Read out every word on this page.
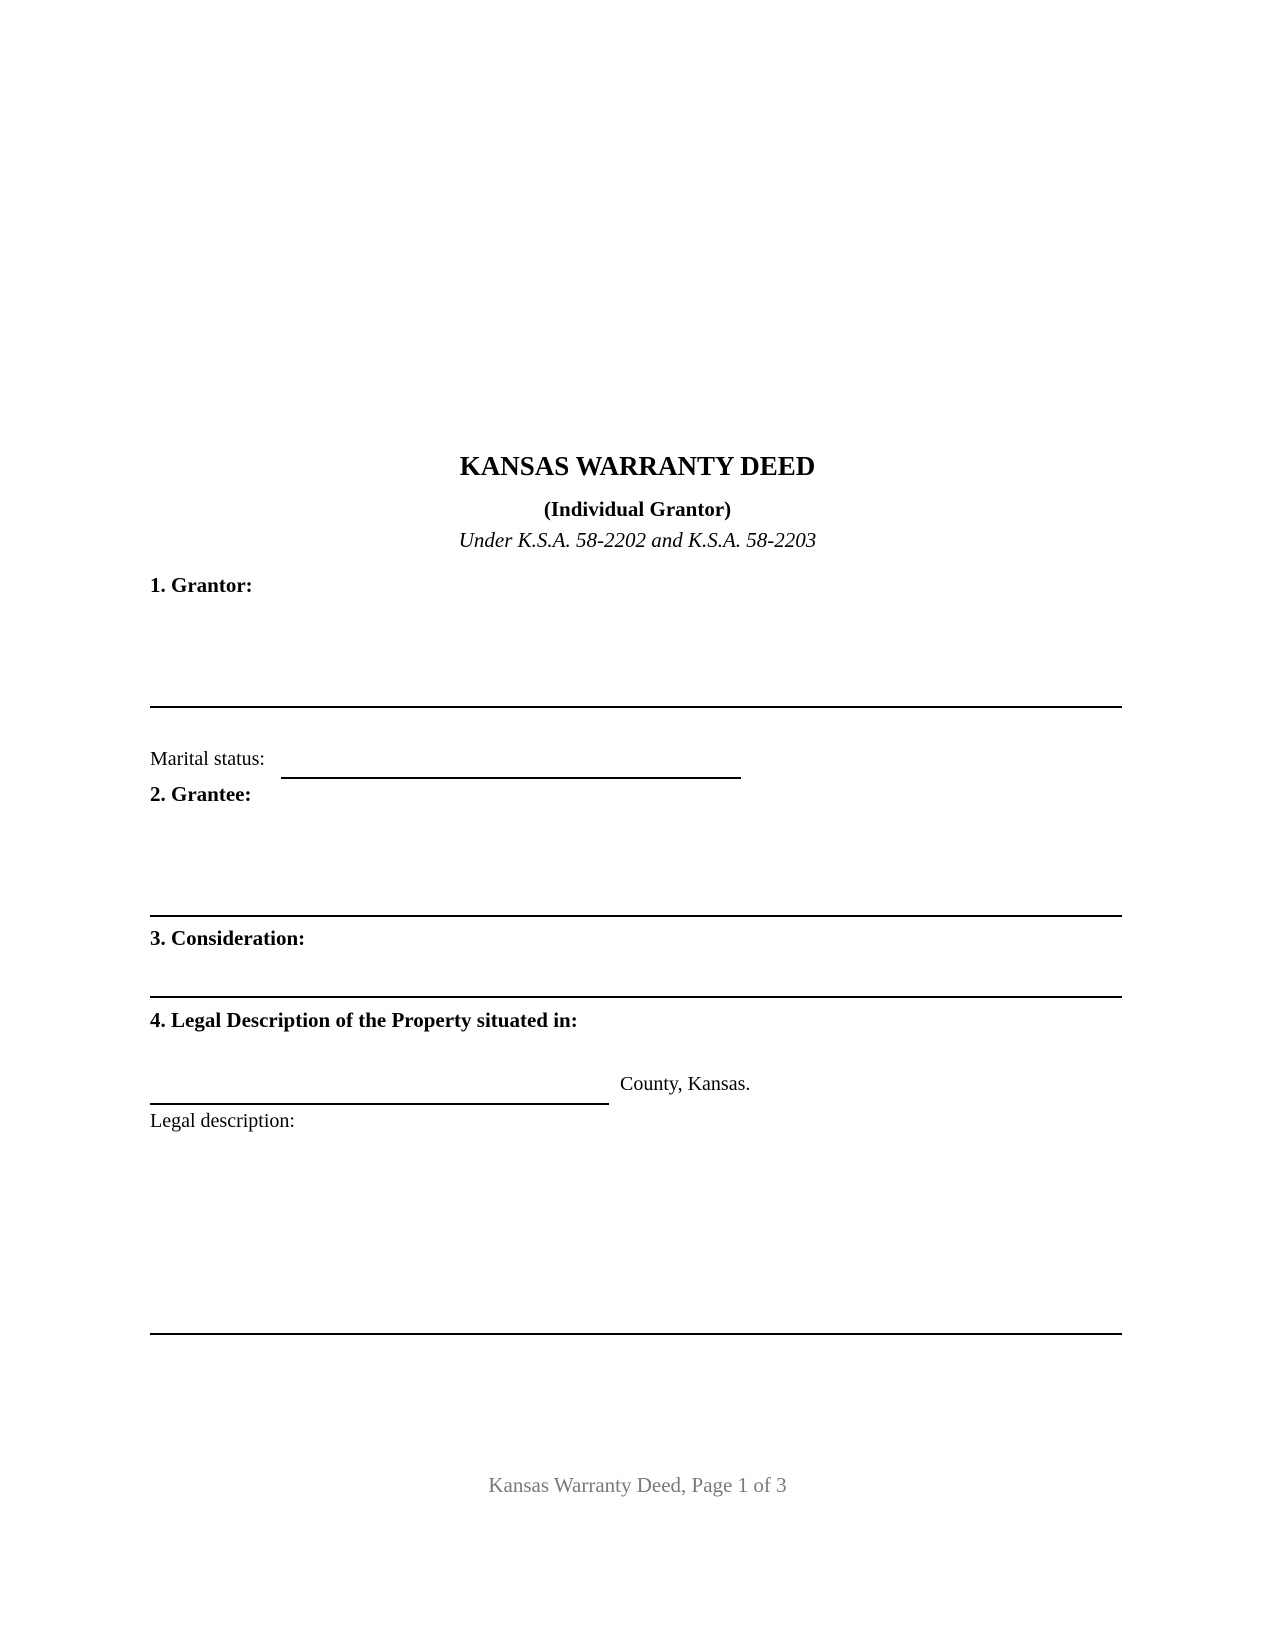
KANSAS WARRANTY DEED
(Individual Grantor)
Under K.S.A. 58-2202 and K.S.A. 58-2203
1. Grantor:
Marital status:
2. Grantee:
3. Consideration:
4. Legal Description of the Property situated in:
County, Kansas.
Legal description:
Kansas Warranty Deed, Page 1 of 3
